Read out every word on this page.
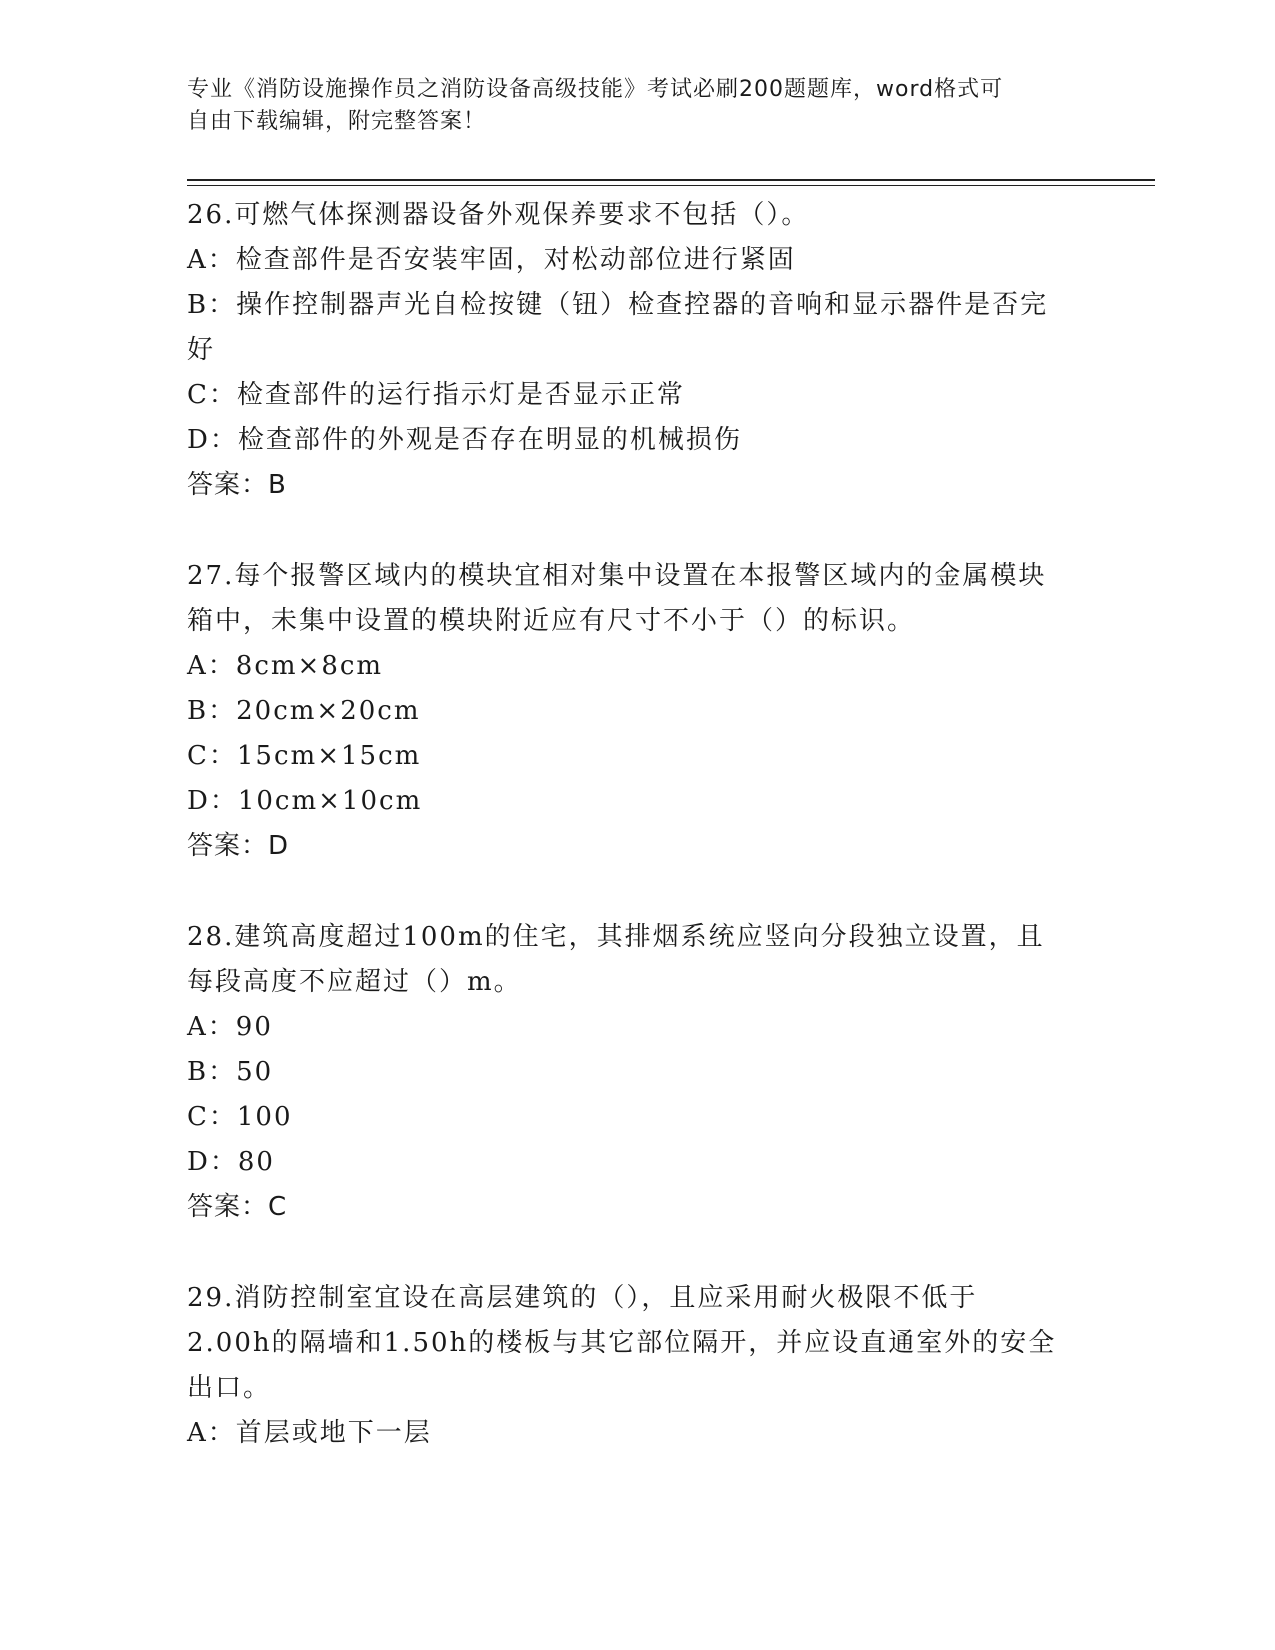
专业《消防设施操作员之消防设备高级技能》考试必刷200题题库，word格式可
自由下载编辑，附完整答案！
26.可燃气体探测器设备外观保养要求不包括（）。
A：检查部件是否安装牢固，对松动部位进行紧固
B：操作控制器声光自检按键（钮）检查控器的音响和显示器件是否完
好
C：检查部件的运行指示灯是否显示正常
D：检查部件的外观是否存在明显的机械损伤
答案：B
27.每个报警区域内的模块宜相对集中设置在本报警区域内的金属模块
箱中，未集中设置的模块附近应有尺寸不小于（）的标识。
A：8cm×8cm
B：20cm×20cm
C：15cm×15cm
D：10cm×10cm
答案：D
28.建筑高度超过100m的住宅，其排烟系统应竖向分段独立设置，且
每段高度不应超过（）m。
A：90
B：50
C：100
D：80
答案：C
29.消防控制室宜设在高层建筑的（），且应采用耐火极限不低于
2.00h的隔墙和1.50h的楼板与其它部位隔开，并应设直通室外的安全
出口。
A：首层或地下一层
